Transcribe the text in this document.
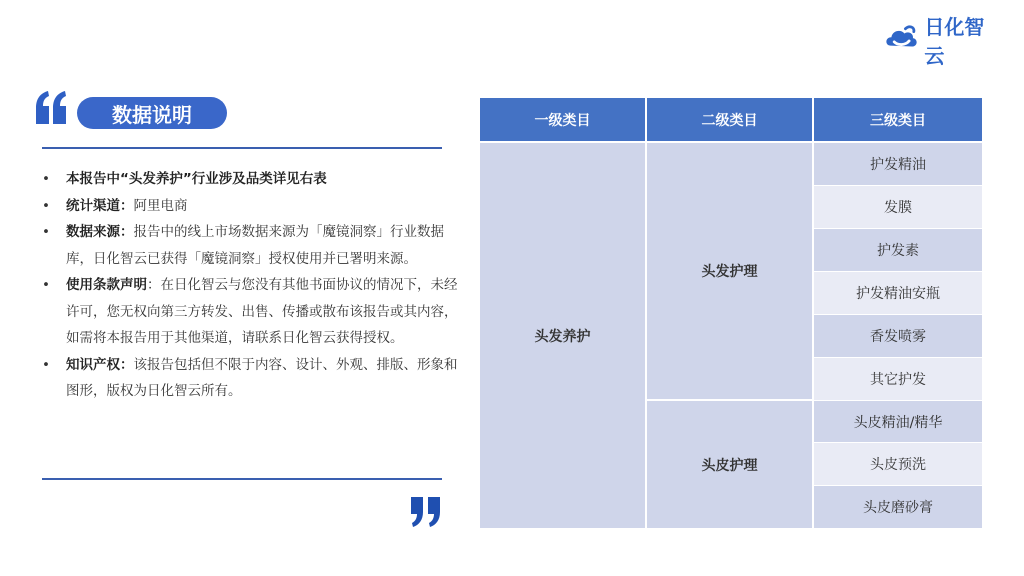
日化智云
数据说明
• 本报告中“头发养护”行业涉及品类详见右表
• 统计渠道：阿里电商
• 数据来源：报告中的线上市场数据来源为「魔镜洞察」行业数据库，日化智云已获得「魔镜洞察」授权使用并已署明来源。
• 使用条款声明：在日化智云与您没有其他书面协议的情况下，未经许可，您无权向第三方转发、出售、传播或散布该报告或其内容，如需将本报告用于其他渠道，请联系日化智云获得授权。
• 知识产权：该报告包括但不限于内容、设计、外观、排版、形象和图形，版权为日化智云所有。
一级类目	二级类目	三级类目
头发养护
头发护理
头皮护理
护发精油
发膜
护发素
护发精油安瓶
香发喷雾
其它护发
头皮精油/精华
头皮预洗
头皮磨砂膏
